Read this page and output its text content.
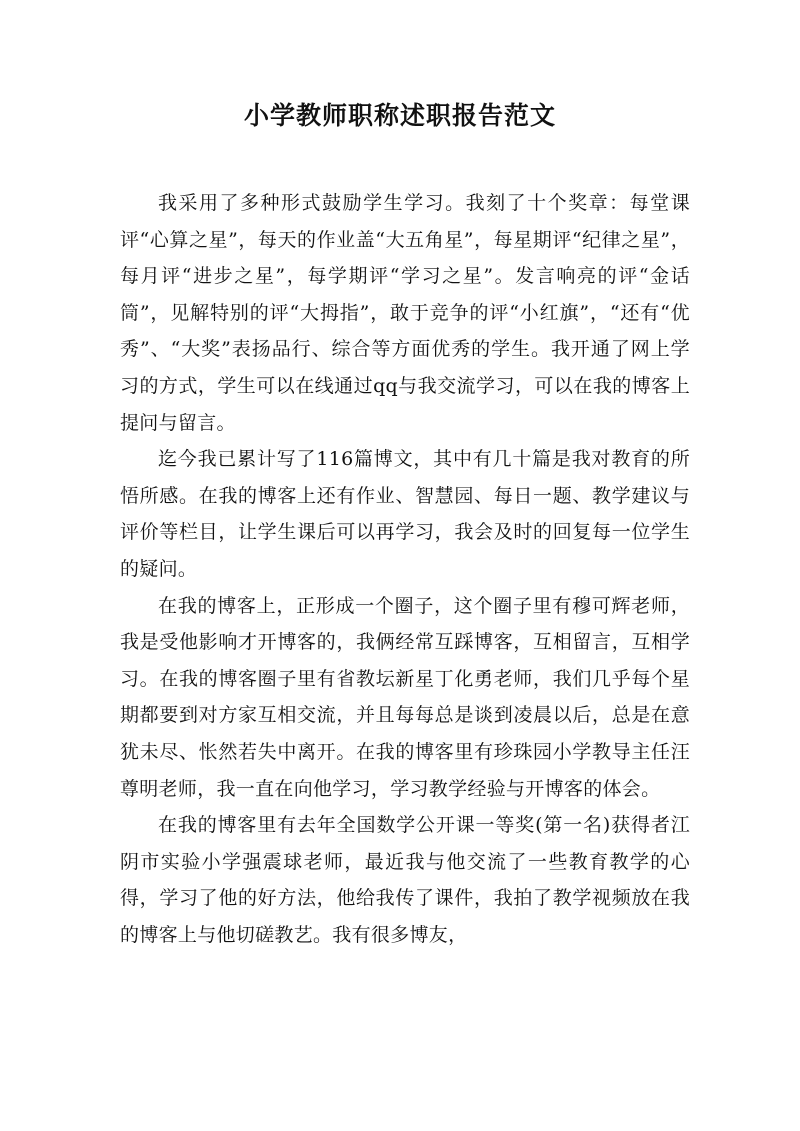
小学教师职称述职报告范文

我采用了多种形式鼓励学生学习。我刻了十个奖章：每堂课评“心算之星”，每天的作业盖“大五角星”，每星期评“纪律之星”，每月评“进步之星”，每学期评“学习之星”。发言响亮的评“金话筒”，见解特别的评“大拇指”，敢于竞争的评“小红旗”，“还有“优秀”、“大奖”表扬品行、综合等方面优秀的学生。我开通了网上学习的方式，学生可以在线通过qq与我交流学习，可以在我的博客上提问与留言。

迄今我已累计写了116篇博文，其中有几十篇是我对教育的所悟所感。在我的博客上还有作业、智慧园、每日一题、教学建议与评价等栏目，让学生课后可以再学习，我会及时的回复每一位学生的疑问。

在我的博客上，正形成一个圈子，这个圈子里有穆可辉老师，我是受他影响才开博客的，我俩经常互踩博客，互相留言，互相学习。在我的博客圈子里有省教坛新星丁化勇老师，我们几乎每个星期都要到对方家互相交流，并且每每总是谈到凌晨以后，总是在意犹未尽、怅然若失中离开。在我的博客里有珍珠园小学教导主任汪尊明老师，我一直在向他学习，学习教学经验与开博客的体会。

在我的博客里有去年全国数学公开课一等奖(第一名)获得者江阴市实验小学强震球老师，最近我与他交流了一些教育教学的心得，学习了他的好方法，他给我传了课件，我拍了教学视频放在我的博客上与他切磋教艺。我有很多博友，
